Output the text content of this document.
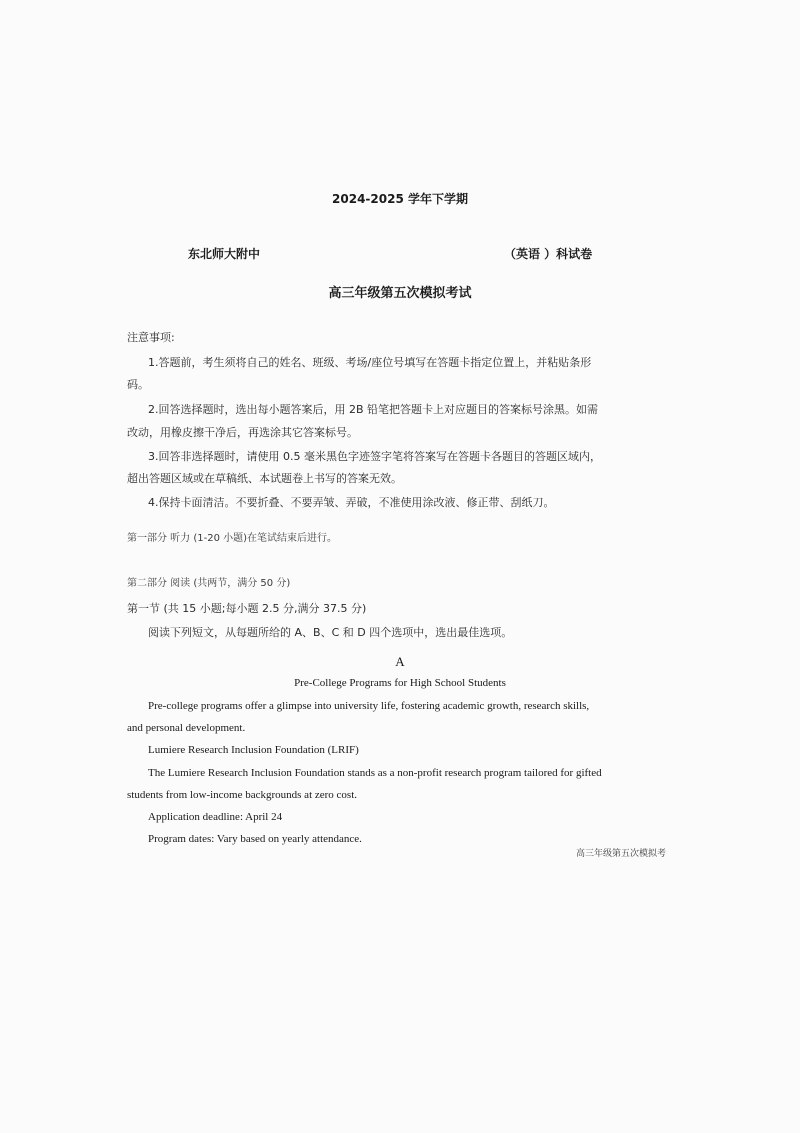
2024-2025 学年下学期
东北师大附中	（英语 ）科试卷
高三年级第五次模拟考试
注意事项:
1.答题前，考生须将自己的姓名、班级、考场/座位号填写在答题卡指定位置上，并粘贴条形
码。
2.回答选择题时，选出每小题答案后，用 2B 铅笔把答题卡上对应题目的答案标号涂黑。如需
改动，用橡皮擦干净后，再选涂其它答案标号。
3.回答非选择题时，请使用 0.5 毫米黑色字迹签字笔将答案写在答题卡各题目的答题区域内，
超出答题区域或在草稿纸、本试题卷上书写的答案无效。
4.保持卡面清洁。不要折叠、不要弄皱、弄破，不准使用涂改液、修正带、刮纸刀。
第一部分 听力 (1-20 小题)在笔试结束后进行。
第二部分 阅读 (共两节，满分 50 分)
第一节 (共 15 小题;每小题 2.5 分,满分 37.5 分)
阅读下列短文，从每题所给的 A、B、C 和 D 四个选项中，选出最佳选项。
A
Pre-College Programs for High School Students
Pre-college programs offer a glimpse into university life, fostering academic growth, research skills,
and personal development.
Lumiere Research Inclusion Foundation (LRIF)
The Lumiere Research Inclusion Foundation stands as a non-profit research program tailored for gifted
students from low-income backgrounds at zero cost.
Application deadline: April 24
Program dates: Vary based on yearly attendance.
高三年级第五次模拟考
